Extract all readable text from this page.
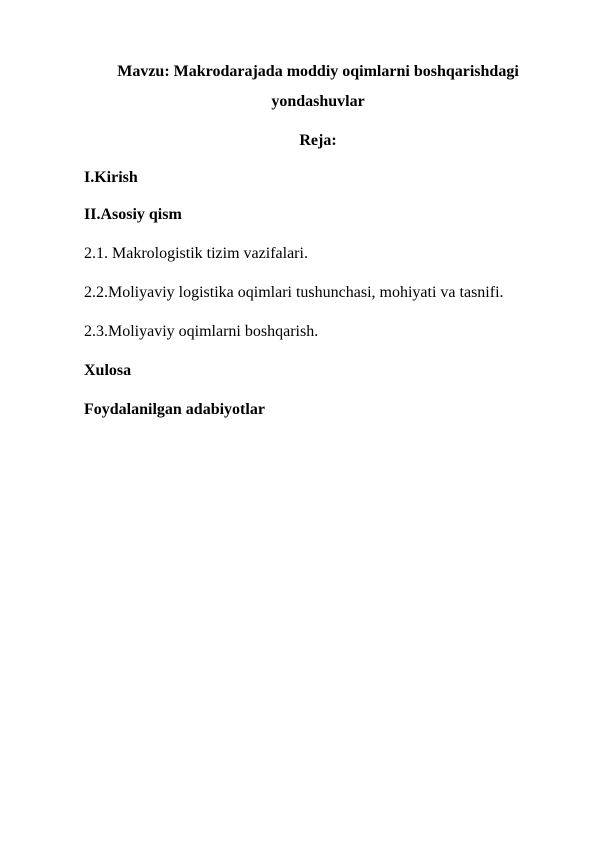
Mavzu: Makrodarajada moddiy oqimlarni boshqarishdagi
yondashuvlar
Reja:
I.Kirish
II.Asosiy qism
2.1. Makrologistik tizim vazifalari.
2.2.Moliyaviy logistika oqimlari tushunchasi, mohiyati va tasnifi.
2.3.Moliyaviy oqimlarni boshqarish.
Xulosa
Foydalanilgan adabiyotlar
